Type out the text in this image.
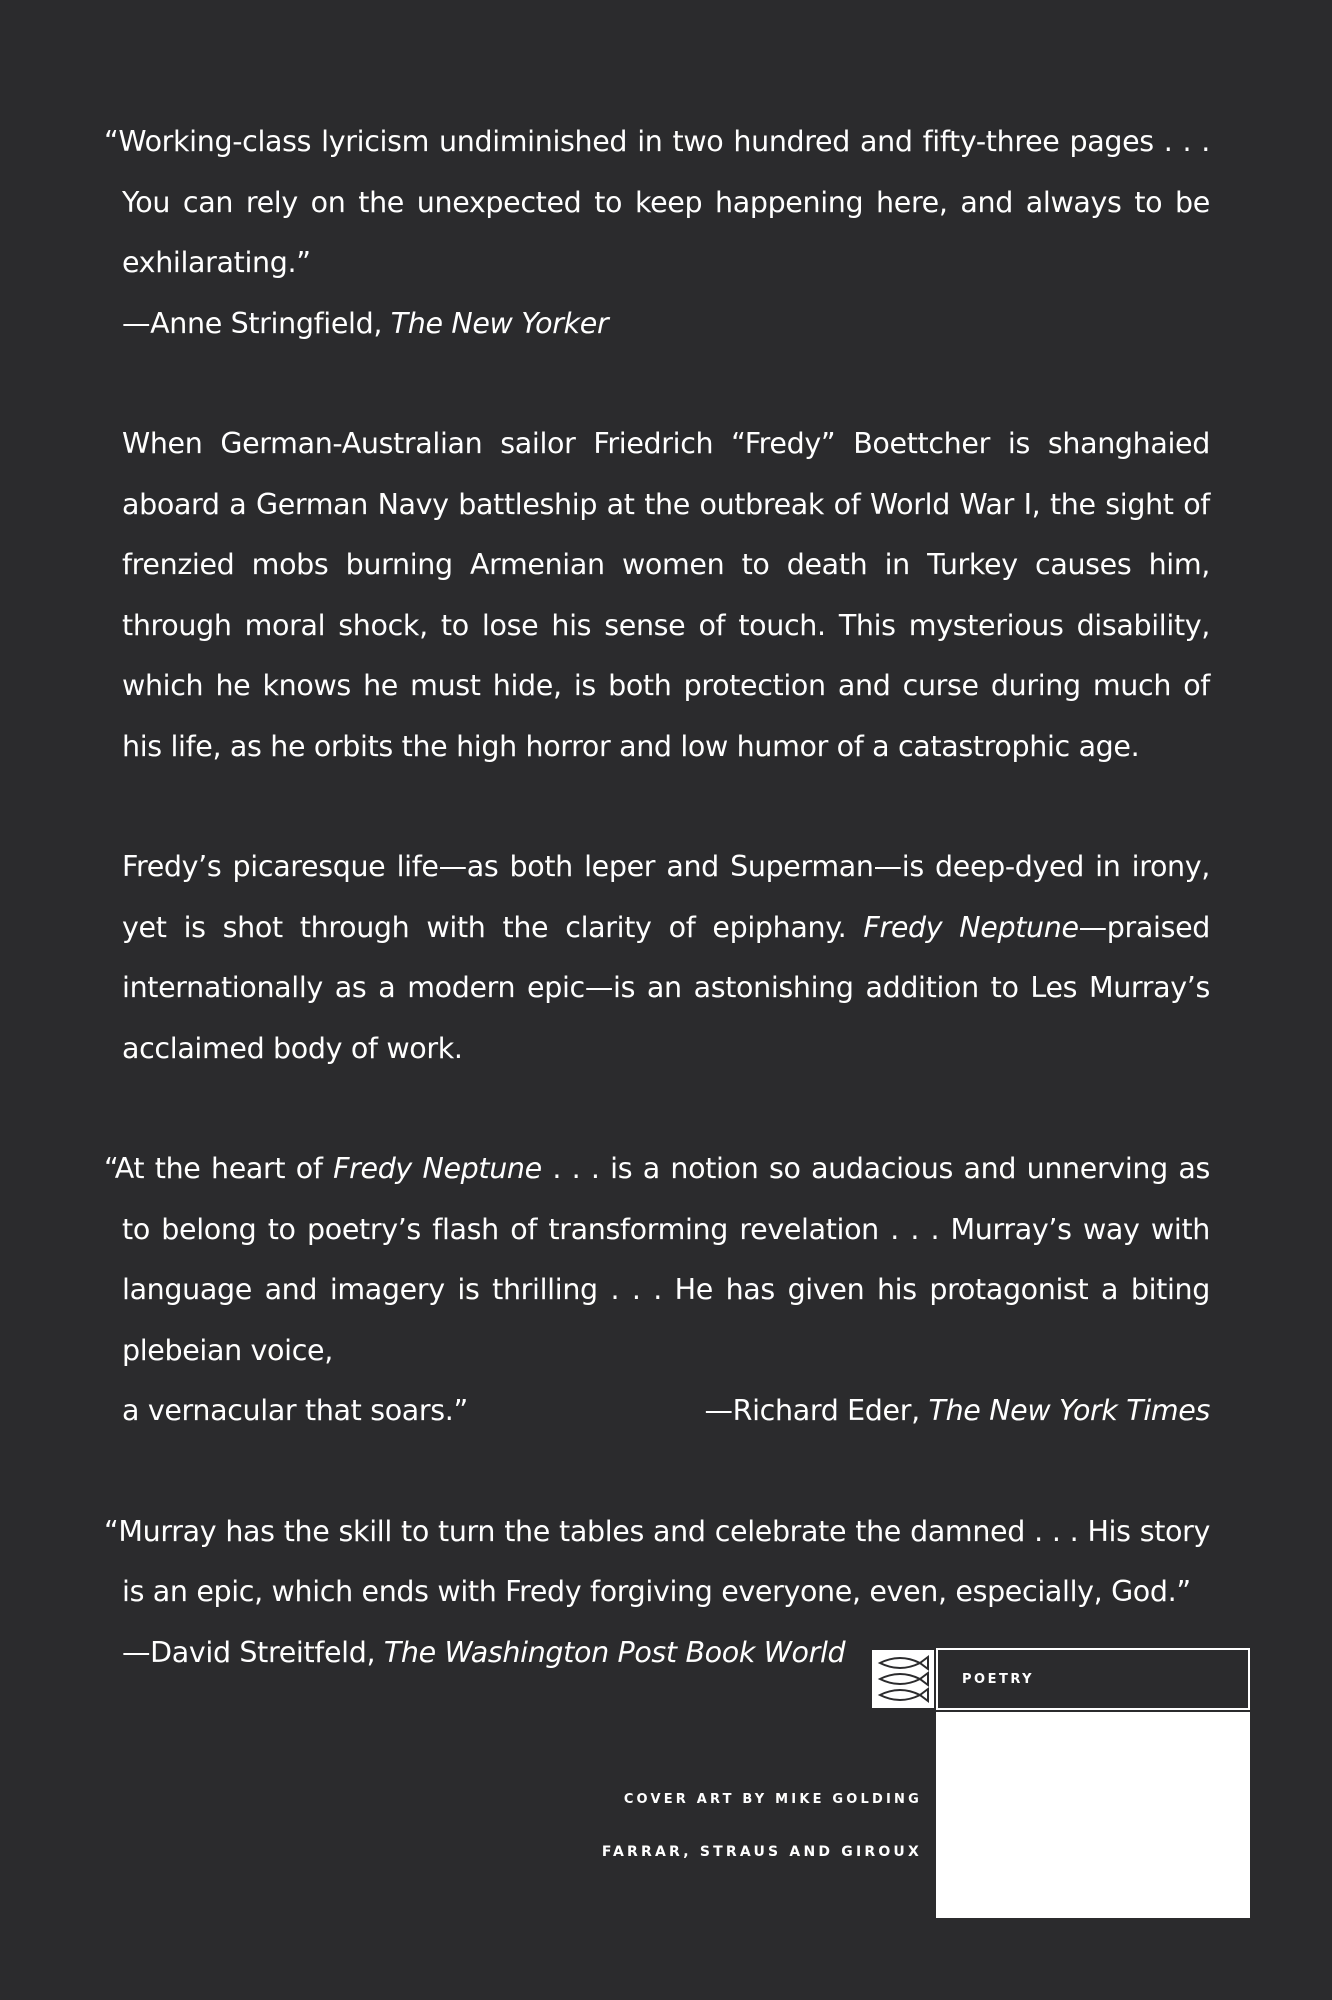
“Working-class lyricism undiminished in two hundred and fifty-three pages . . . You can rely on the unexpected to keep happening here, and always to be exhilarating.”

—Anne Stringfield, The New Yorker

When German-Australian sailor Friedrich “Fredy” Boettcher is shanghaied aboard a German Navy battleship at the outbreak of World War I, the sight of frenzied mobs burning Armenian women to death in Turkey causes him, through moral shock, to lose his sense of touch. This mysterious disability, which he knows he must hide, is both protection and curse during much of his life, as he orbits the high horror and low humor of a catastrophic age.

Fredy’s picaresque life—as both leper and Superman—is deep-dyed in irony, yet is shot through with the clarity of epiphany. Fredy Neptune—praised internationally as a modern epic—is an astonishing addition to Les Murray’s acclaimed body of work.

“At the heart of Fredy Neptune . . . is a notion so audacious and unnerving as to belong to poetry’s flash of transforming revelation . . . Murray’s way with language and imagery is thrilling . . . He has given his protagonist a biting plebeian voice,

a vernacular that soars.”	—Richard Eder, The New York Times

“Murray has the skill to turn the tables and celebrate the damned . . . His story is an epic, which ends with Fredy forgiving everyone, even, especially, God.”

—David Streitfeld, The Washington Post Book World

POETRY
COVER ART BY MIKE GOLDING
FARRAR, STRAUS AND GIROUX
